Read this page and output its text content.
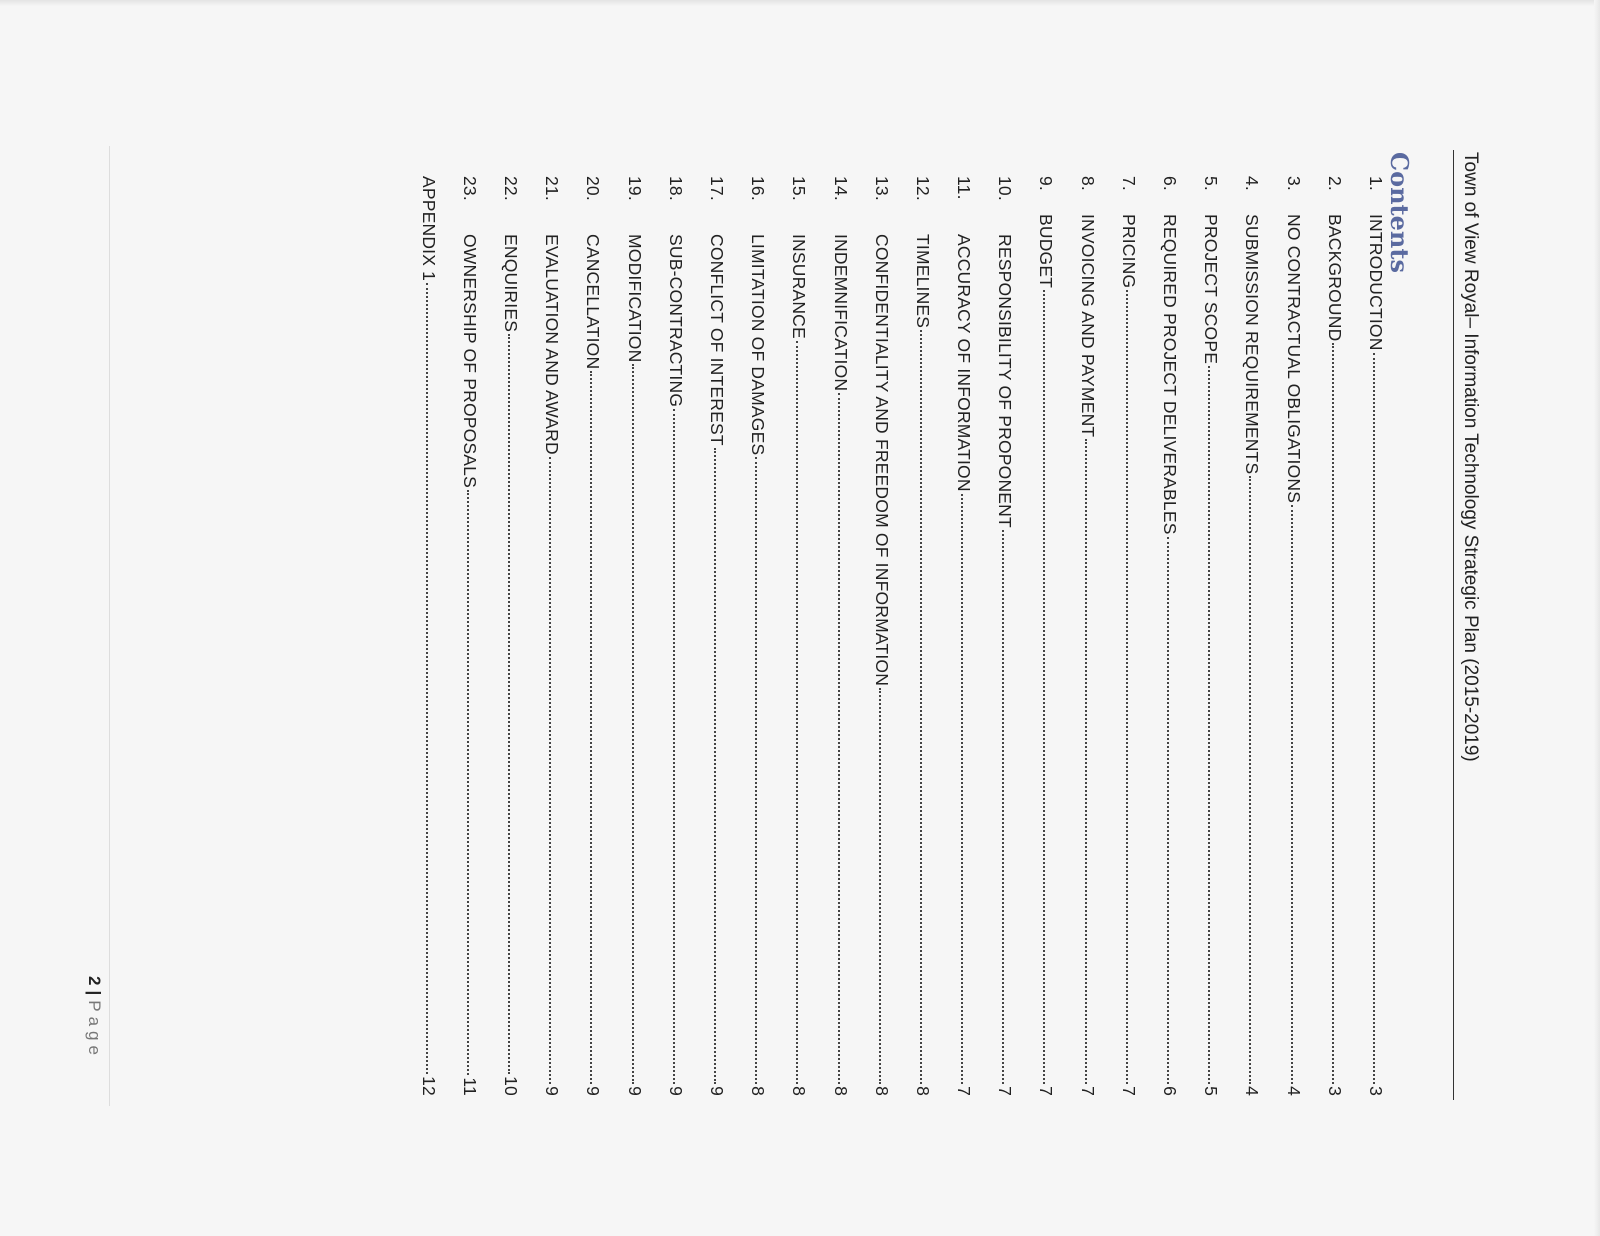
Town of View Royal– Information Technology Strategic Plan (2015-2019)
Contents
1.
INTRODUCTION
3
2.
BACKGROUND
3
3.
NO CONTRACTUAL OBLIGATIONS
4
4.
SUBMISSION REQUIREMENTS
4
5.
PROJECT SCOPE
5
6.
REQUIRED PROJECT DELIVERABLES
6
7.
PRICING
7
8.
INVOICING AND PAYMENT
7
9.
BUDGET
7
10.
RESPONSIBILITY OF PROPONENT
7
11.
ACCURACY OF INFORMATION
7
12.
TIMELINES
8
13.
CONFIDENTIALITY AND FREEDOM OF INFORMATION
8
14.
INDEMNIFICATION
8
15.
INSURANCE
8
16.
LIMITATION OF DAMAGES
8
17.
CONFLICT OF INTEREST
9
18.
SUB-CONTRACTING
9
19.
MODIFICATION
9
20.
CANCELLATION
9
21.
EVALUATION AND AWARD
9
22.
ENQUIRIES
10
23.
OWNERSHIP OF PROPOSALS
11
APPENDIX 1
12
2|Page
